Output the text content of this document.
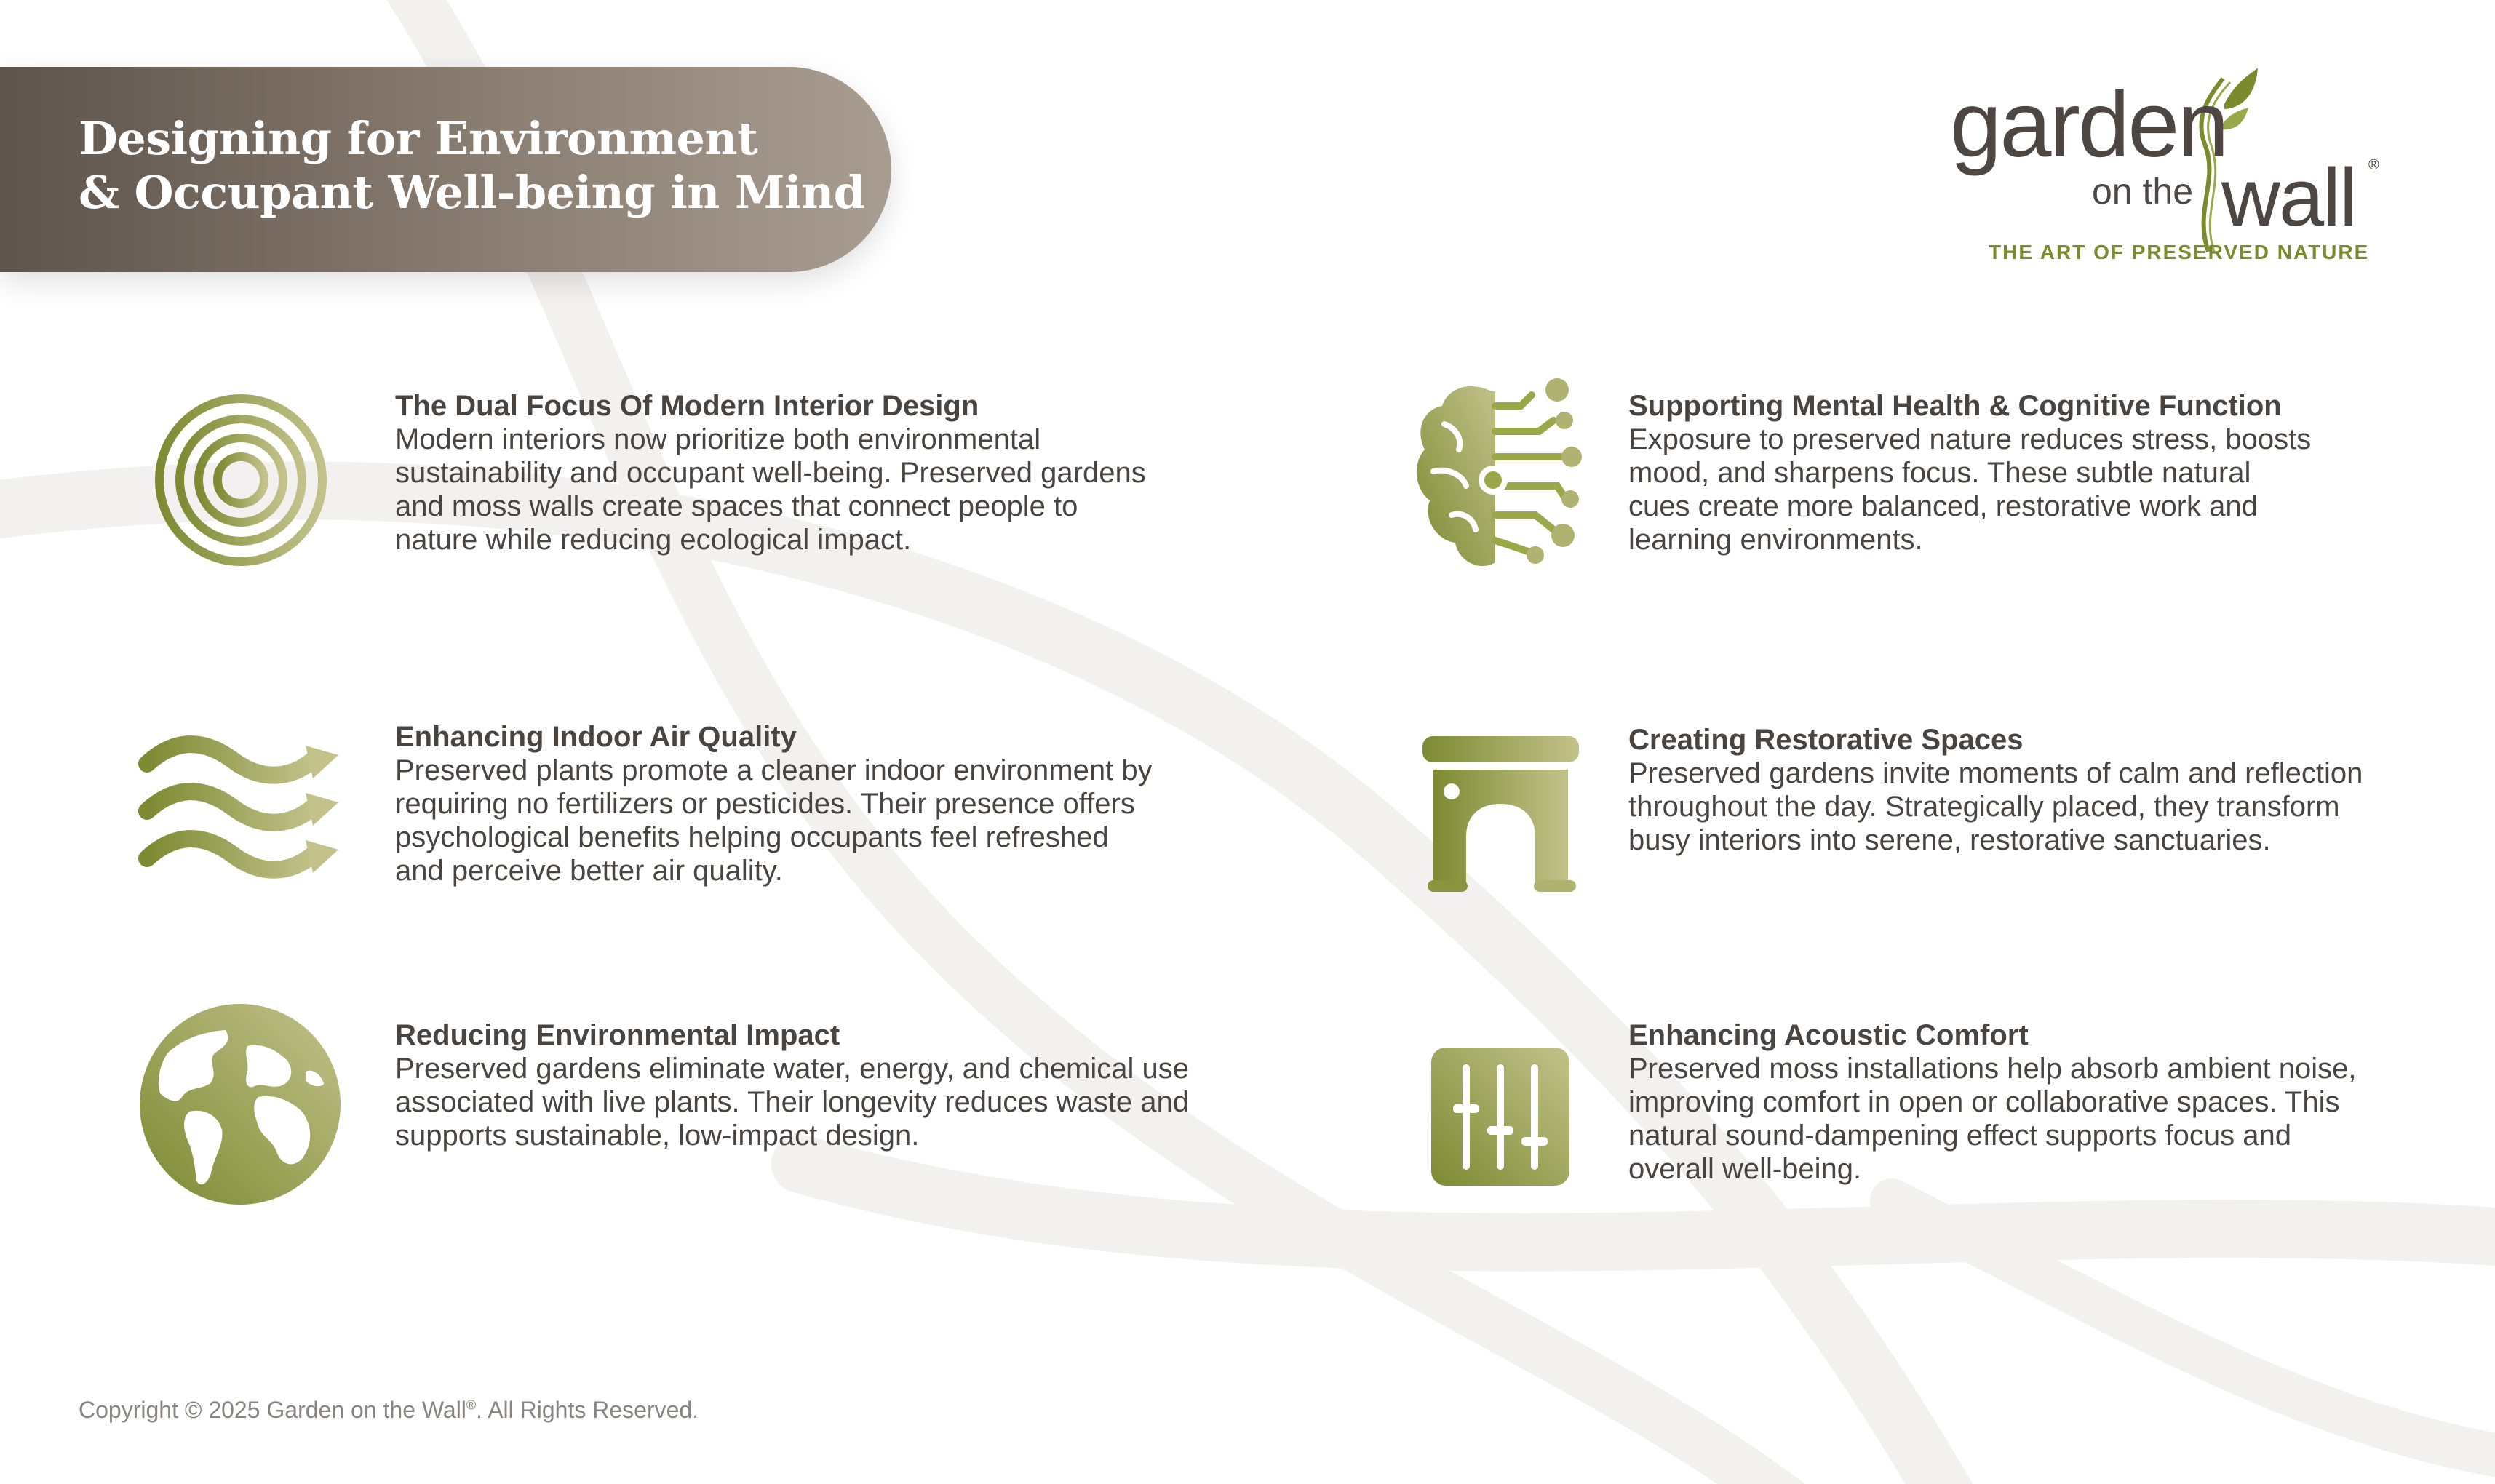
Designing for Environment
& Occupant Well-being in Mind
garden
on the wall ®
THE ART OF PRESERVED NATURE
The Dual Focus Of Modern Interior Design
Modern interiors now prioritize both environmental
sustainability and occupant well-being. Preserved gardens
and moss walls create spaces that connect people to
nature while reducing ecological impact.
Enhancing Indoor Air Quality
Preserved plants promote a cleaner indoor environment by
requiring no fertilizers or pesticides. Their presence offers
psychological benefits helping occupants feel refreshed
and perceive better air quality.
Reducing Environmental Impact
Preserved gardens eliminate water, energy, and chemical use
associated with live plants. Their longevity reduces waste and
supports sustainable, low-impact design.
Supporting Mental Health & Cognitive Function
Exposure to preserved nature reduces stress, boosts
mood, and sharpens focus. These subtle natural
cues create more balanced, restorative work and
learning environments.
Creating Restorative Spaces
Preserved gardens invite moments of calm and reflection
throughout the day. Strategically placed, they transform
busy interiors into serene, restorative sanctuaries.
Enhancing Acoustic Comfort
Preserved moss installations help absorb ambient noise,
improving comfort in open or collaborative spaces. This
natural sound-dampening effect supports focus and
overall well-being.
Copyright © 2025 Garden on the Wall®. All Rights Reserved.
